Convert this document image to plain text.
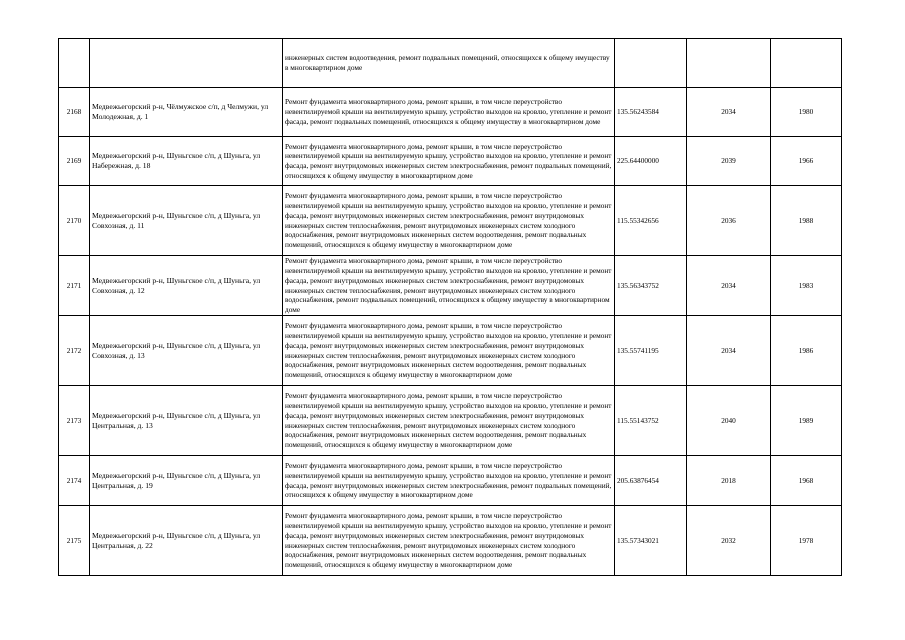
		инженерных систем водоотведения, ремонт подвальных помещений, относящихся к общему имуществу в многоквартирном доме			
2168	Медвежьегорский р-н, Чёлмужское с/п, д Челмужи, ул Молодежная, д. 1	Ремонт фундамента многоквартирного дома, ремонт крыши, в том числе переустройство невентилируемой крыши на вентилируемую крышу, устройство выходов на кровлю, утепление и ремонт фасада, ремонт подвальных помещений, относящихся к общему имуществу в многоквартирном доме	135.56243584	2034	1980
2169	Медвежьегорский р-н, Шуньгское с/п, д Шуньга, ул Набережная, д. 18	Ремонт фундамента многоквартирного дома, ремонт крыши, в том числе переустройство невентилируемой крыши на вентилируемую крышу, устройство выходов на кровлю, утепление и ремонт фасада, ремонт внутридомовых инженерных систем электроснабжения, ремонт подвальных помещений, относящихся к общему имуществу в многоквартирном доме	225.64400000	2039	1966
2170	Медвежьегорский р-н, Шуньгское с/п, д Шуньга, ул Совхозная, д. 11	Ремонт фундамента многоквартирного дома, ремонт крыши, в том числе переустройство невентилируемой крыши на вентилируемую крышу, устройство выходов на кровлю, утепление и ремонт фасада, ремонт внутридомовых инженерных систем электроснабжения, ремонт внутридомовых инженерных систем теплоснабжения, ремонт внутридомовых инженерных систем холодного водоснабжения, ремонт внутридомовых инженерных систем водоотведения, ремонт подвальных помещений, относящихся к общему имуществу в многоквартирном доме	115.55342656	2036	1988
2171	Медвежьегорский р-н, Шуньгское с/п, д Шуньга, ул Совхозная, д. 12	Ремонт фундамента многоквартирного дома, ремонт крыши, в том числе переустройство невентилируемой крыши на вентилируемую крышу, устройство выходов на кровлю, утепление и ремонт фасада, ремонт внутридомовых инженерных систем электроснабжения, ремонт внутридомовых инженерных систем теплоснабжения, ремонт внутридомовых инженерных систем холодного водоснабжения, ремонт подвальных помещений, относящихся к общему имуществу в многоквартирном доме	135.56343752	2034	1983
2172	Медвежьегорский р-н, Шуньгское с/п, д Шуньга, ул Совхозная, д. 13	Ремонт фундамента многоквартирного дома, ремонт крыши, в том числе переустройство невентилируемой крыши на вентилируемую крышу, устройство выходов на кровлю, утепление и ремонт фасада, ремонт внутридомовых инженерных систем электроснабжения, ремонт внутридомовых инженерных систем теплоснабжения, ремонт внутридомовых инженерных систем холодного водоснабжения, ремонт внутридомовых инженерных систем водоотведения, ремонт подвальных помещений, относящихся к общему имуществу в многоквартирном доме	135.55741195	2034	1986
2173	Медвежьегорский р-н, Шуньгское с/п, д Шуньга, ул Центральная, д. 13	Ремонт фундамента многоквартирного дома, ремонт крыши, в том числе переустройство невентилируемой крыши на вентилируемую крышу, устройство выходов на кровлю, утепление и ремонт фасада, ремонт внутридомовых инженерных систем электроснабжения, ремонт внутридомовых инженерных систем теплоснабжения, ремонт внутридомовых инженерных систем холодного водоснабжения, ремонт внутридомовых инженерных систем водоотведения, ремонт подвальных помещений, относящихся к общему имуществу в многоквартирном доме	115.55143752	2040	1989
2174	Медвежьегорский р-н, Шуньгское с/п, д Шуньга, ул Центральная, д. 19	Ремонт фундамента многоквартирного дома, ремонт крыши, в том числе переустройство невентилируемой крыши на вентилируемую крышу, устройство выходов на кровлю, утепление и ремонт фасада, ремонт внутридомовых инженерных систем электроснабжения, ремонт подвальных помещений, относящихся к общему имуществу в многоквартирном доме	205.63876454	2018	1968
2175	Медвежьегорский р-н, Шуньгское с/п, д Шуньга, ул Центральная, д. 22	Ремонт фундамента многоквартирного дома, ремонт крыши, в том числе переустройство невентилируемой крыши на вентилируемую крышу, устройство выходов на кровлю, утепление и ремонт фасада, ремонт внутридомовых инженерных систем электроснабжения, ремонт внутридомовых инженерных систем теплоснабжения, ремонт внутридомовых инженерных систем холодного водоснабжения, ремонт внутридомовых инженерных систем водоотведения, ремонт подвальных помещений, относящихся к общему имуществу в многоквартирном доме	135.57343021	2032	1978
